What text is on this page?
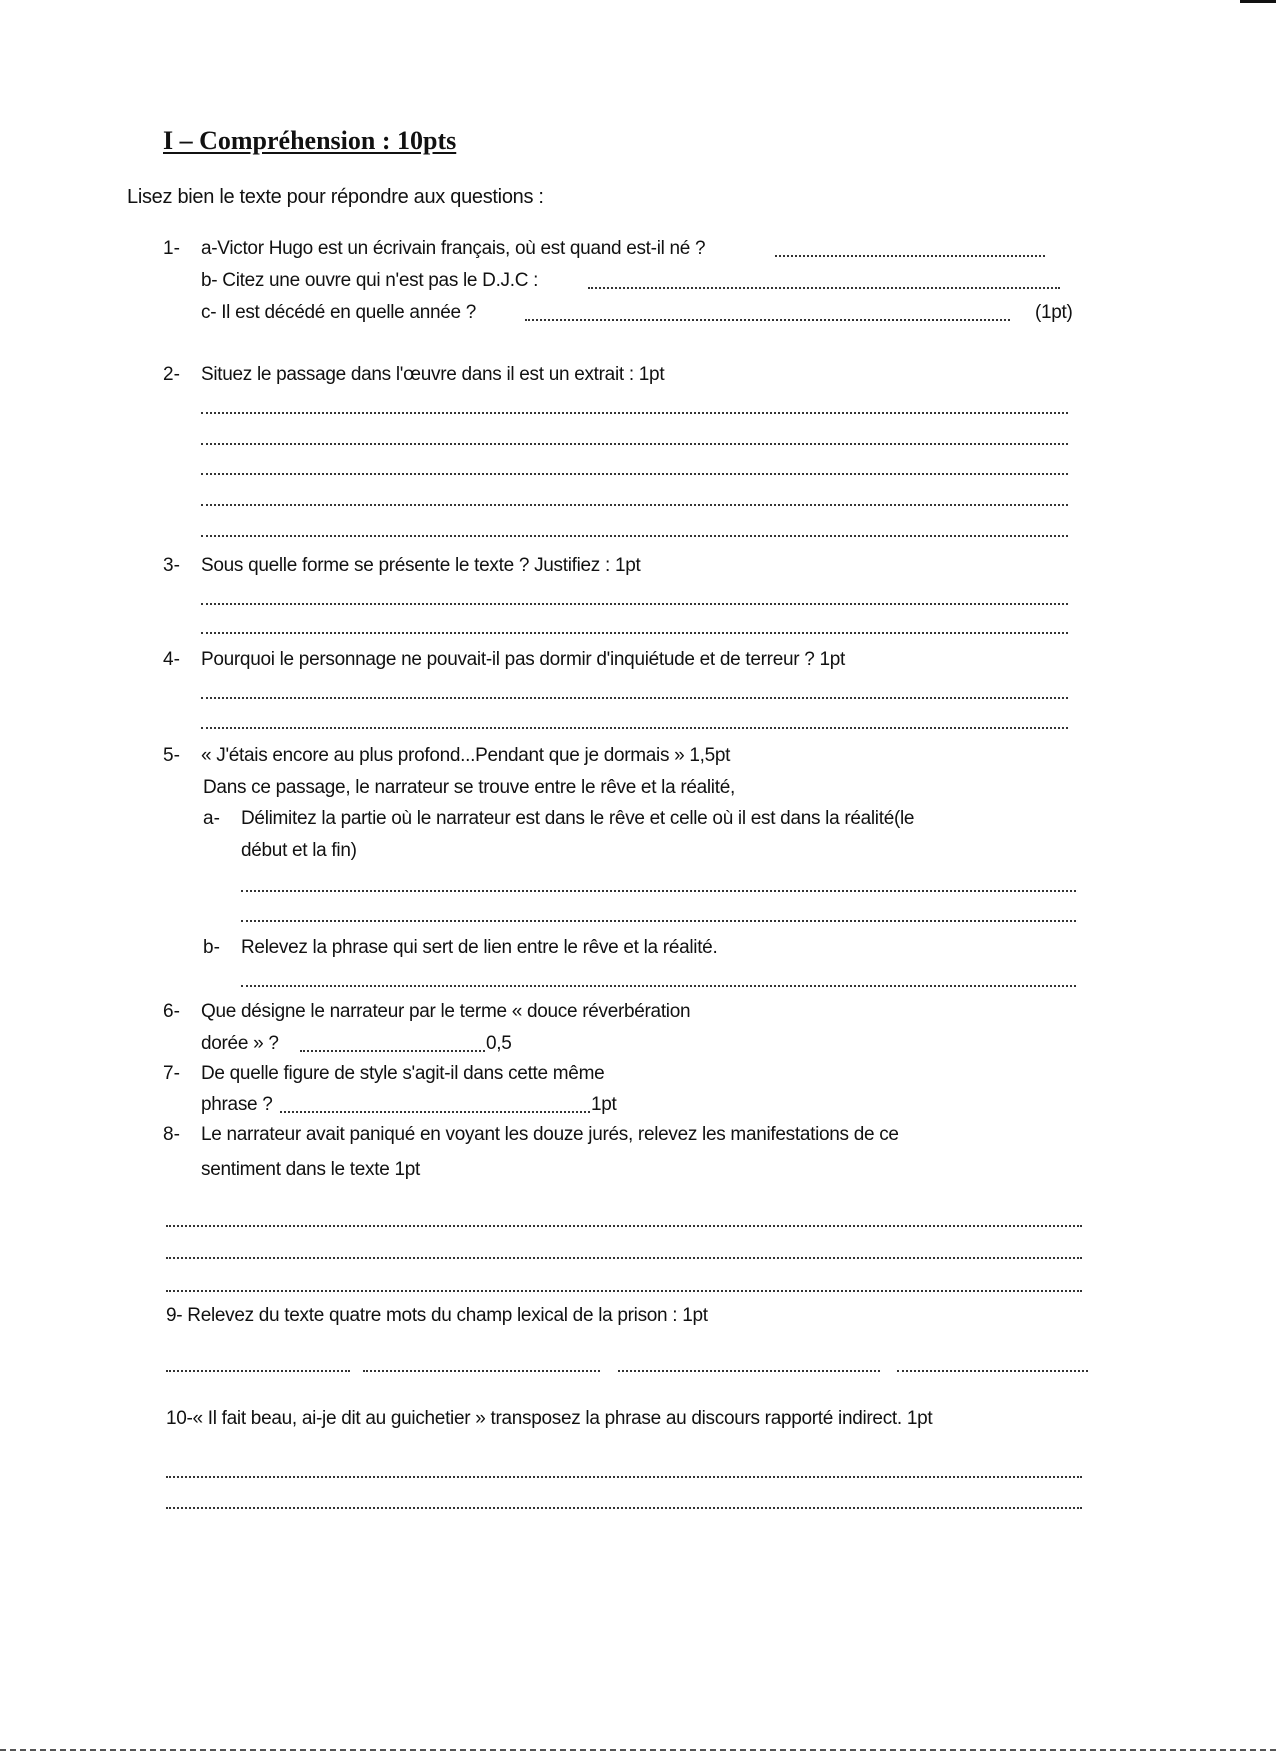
I – Compréhension : 10pts
Lisez bien le texte pour répondre aux questions :
1- a-Victor Hugo est un écrivain français, où est quand est-il né ?
b- Citez une ouvre qui n'est pas le D.J.C :
c- Il est décédé en quelle année ?	(1pt)
2- Situez le passage dans l'œuvre dans il est un extrait : 1pt
3- Sous quelle forme se présente le texte ? Justifiez : 1pt
4- Pourquoi le personnage ne pouvait-il pas dormir d'inquiétude et de terreur ? 1pt
5- « J'étais encore au plus profond...Pendant que je dormais » 1,5pt
Dans ce passage, le narrateur se trouve entre le rêve et la réalité,
a- Délimitez la partie où le narrateur est dans le rêve et celle où il est dans la réalité(le
début et la fin)
b- Relevez la phrase qui sert de lien entre le rêve et la réalité.
6- Que désigne le narrateur par le terme « douce réverbération
dorée » ?	0,5
7- De quelle figure de style s'agit-il dans cette même
phrase ?	1pt
8- Le narrateur avait paniqué en voyant les douze jurés, relevez les manifestations de ce
sentiment dans le texte 1pt
9- Relevez du texte quatre mots du champ lexical de la prison : 1pt
10-« Il fait beau, ai-je dit au guichetier » transposez la phrase au discours rapporté indirect. 1pt
